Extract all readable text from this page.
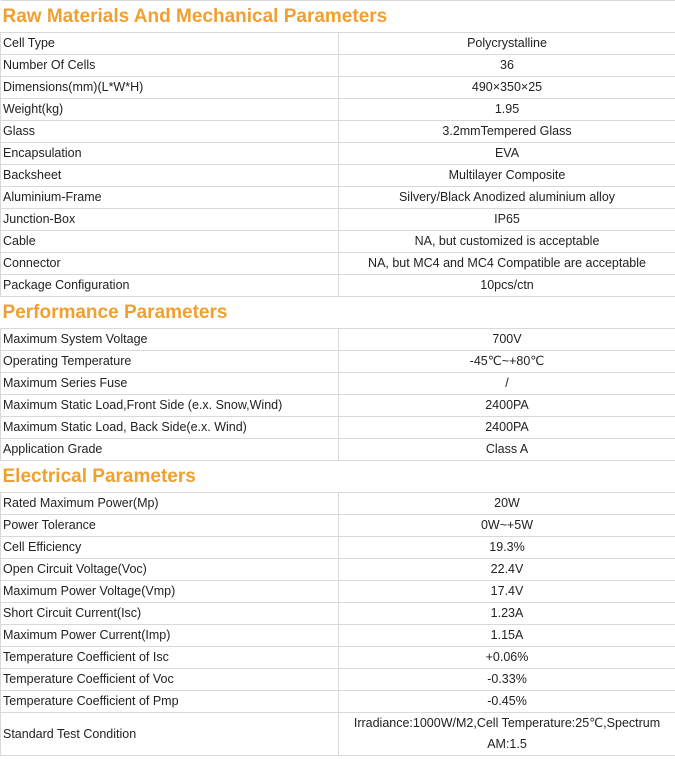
Raw Materials And Mechanical Parameters	
Cell Type	Polycrystalline
Number Of Cells	36
Dimensions(mm)(L*W*H)	490×350×25
Weight(kg)	1.95
Glass	3.2mmTempered Glass
Encapsulation	EVA
Backsheet	Multilayer Composite
Aluminium-Frame	Silvery/Black Anodized aluminium alloy
Junction-Box	IP65
Cable	NA, but customized is acceptable
Connector	NA, but MC4 and MC4 Compatible are acceptable
Package Configuration	10pcs/ctn
Performance Parameters	
Maximum System Voltage	700V
Operating Temperature	-45℃~+80℃
Maximum Series Fuse	/
Maximum Static Load,Front Side (e.x. Snow,Wind)	2400PA
Maximum Static Load, Back Side(e.x. Wind)	2400PA
Application Grade	Class A
Electrical Parameters	
Rated Maximum Power(Mp)	20W
Power Tolerance	0W~+5W
Cell Efficiency	19.3%
Open Circuit Voltage(Voc)	22.4V
Maximum Power Voltage(Vmp)	17.4V
Short Circuit Current(Isc)	1.23A
Maximum Power Current(Imp)	1.15A
Temperature Coefficient of Isc	+0.06%
Temperature Coefficient of Voc	-0.33%
Temperature Coefficient of Pmp	-0.45%
Standard Test Condition	Irradiance:1000W/M2,Cell Temperature:25℃,Spectrum AM:1.5
